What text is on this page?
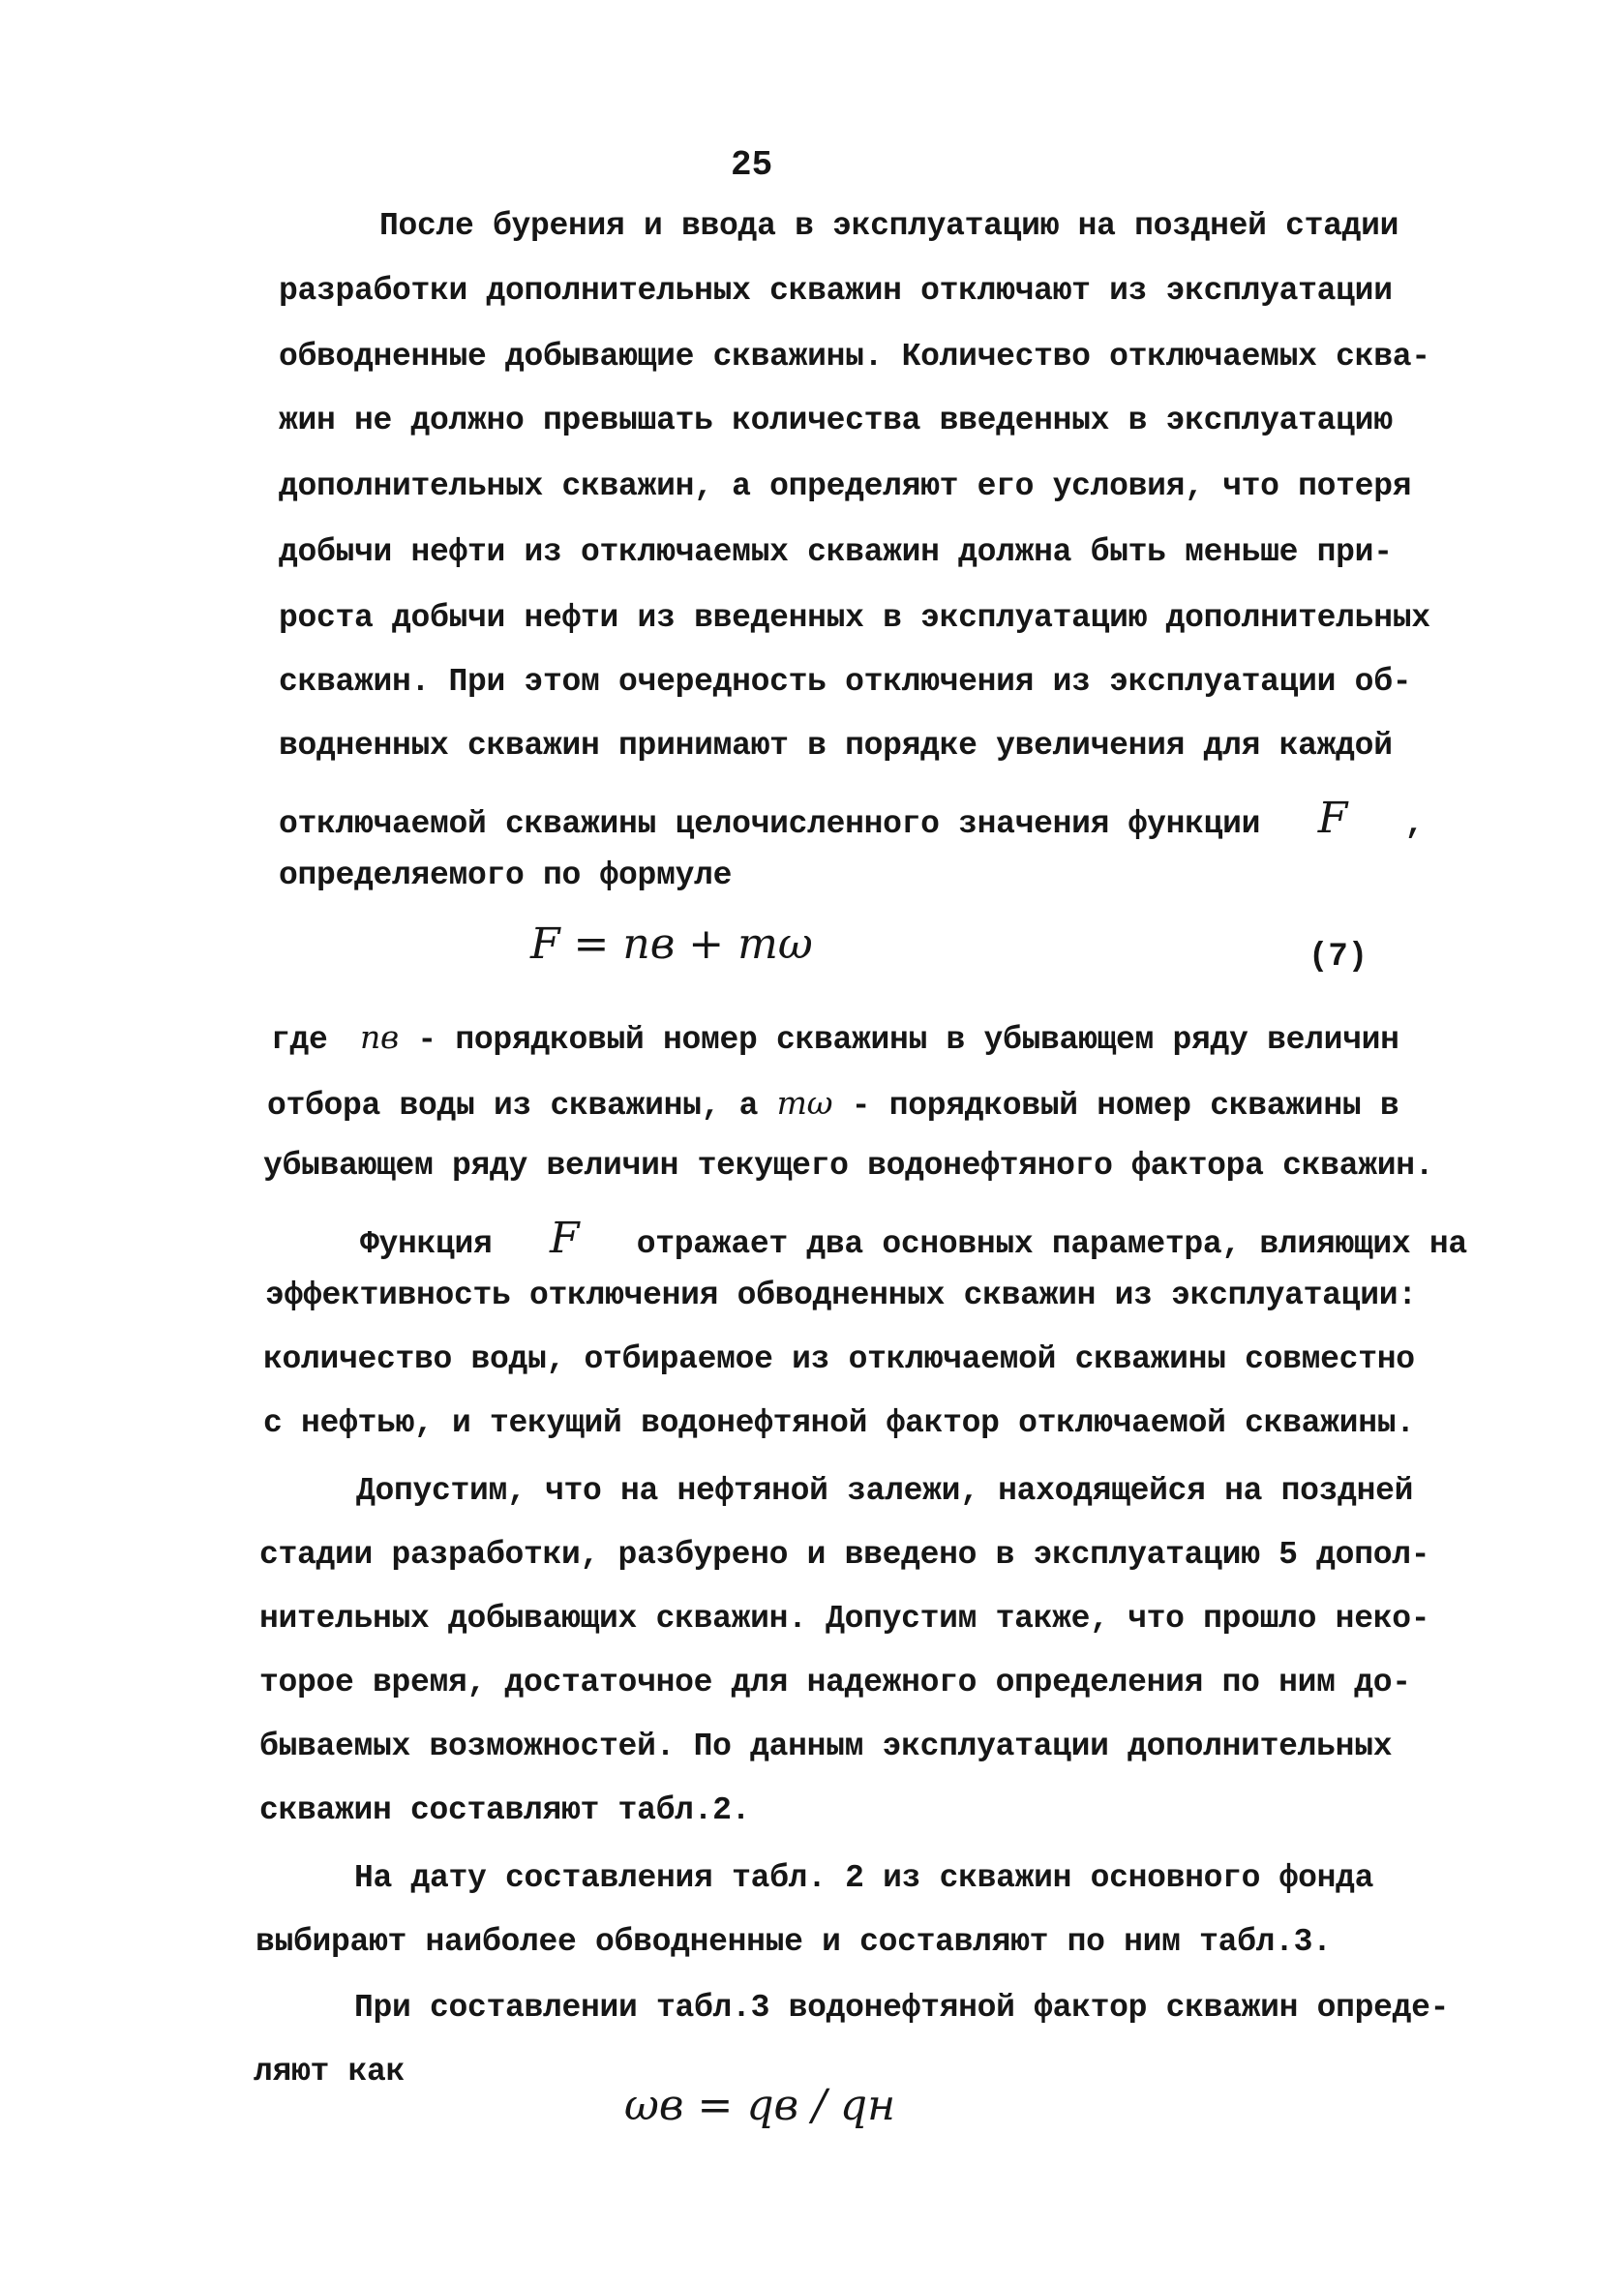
25
После бурения и ввода в эксплуатацию на поздней стадии
разработки дополнительных скважин отключают из эксплуатации
обводненные добывающие скважины. Количество отключаемых сква-
жин не должно превышать количества введенных в эксплуатацию
дополнительных скважин, а определяют его условия, что потеря
добычи нефти из отключаемых скважин должна быть меньше при-
роста добычи нефти из введенных в эксплуатацию дополнительных
скважин. При этом очередность отключения из эксплуатации об-
водненных скважин принимают в порядке увеличения для каждой
отключаемой скважины целочисленного значения функции F ,
определяемого по формуле
F = nв + mω	(7)
где nв - порядковый номер скважины в убывающем ряду величин
отбора воды из скважины, а mω - порядковый номер скважины в
убывающем ряду величин текущего водонефтяного фактора скважин.
Функция F отражает два основных параметра, влияющих на
эффективность отключения обводненных скважин из эксплуатации:
количество воды, отбираемое из отключаемой скважины совместно
с нефтью, и текущий водонефтяной фактор отключаемой скважины.
Допустим, что на нефтяной залежи, находящейся на поздней
стадии разработки, разбурено и введено в эксплуатацию 5 допол-
нительных добывающих скважин. Допустим также, что прошло неко-
торое время, достаточное для надежного определения по ним до-
бываемых возможностей. По данным эксплуатации дополнительных
скважин составляют табл.2.
На дату составления табл. 2 из скважин основного фонда
выбирают наиболее обводненные и составляют по ним табл.3.
При составлении табл.3 водонефтяной фактор скважин опреде-
ляют как
ωв = qв / qн
